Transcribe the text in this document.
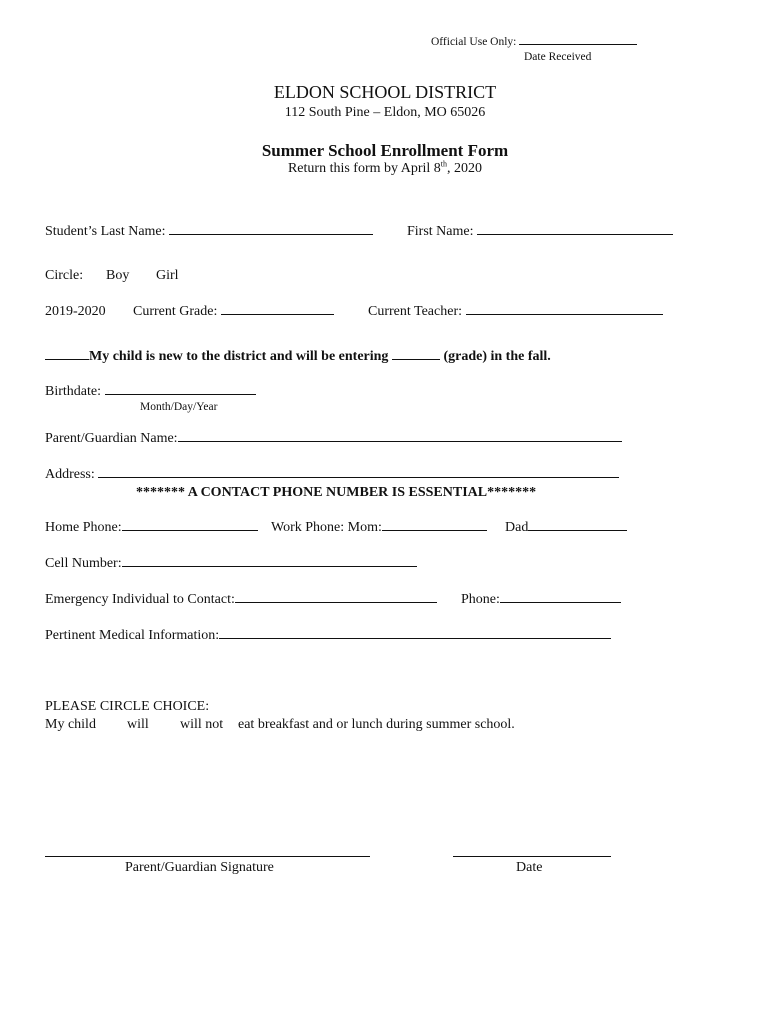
Official Use Only:
Date Received
ELDON SCHOOL DISTRICT
112 South Pine – Eldon, MO 65026
Summer School Enrollment Form
Return this form by April 8th, 2020
Student’s Last Name:	First Name:
Circle: Boy Girl
2019-2020 Current Grade:	Current Teacher:
My child is new to the district and will be entering	(grade) in the fall.
Birthdate:
Month/Day/Year
Parent/Guardian Name:
Address:
******* A CONTACT PHONE NUMBER IS ESSENTIAL*******
Home Phone:	Work Phone: Mom:	Dad
Cell Number:
Emergency Individual to Contact:	Phone:
Pertinent Medical Information:
PLEASE CIRCLE CHOICE:
My child will will not eat breakfast and or lunch during summer school.
Parent/Guardian Signature	Date
